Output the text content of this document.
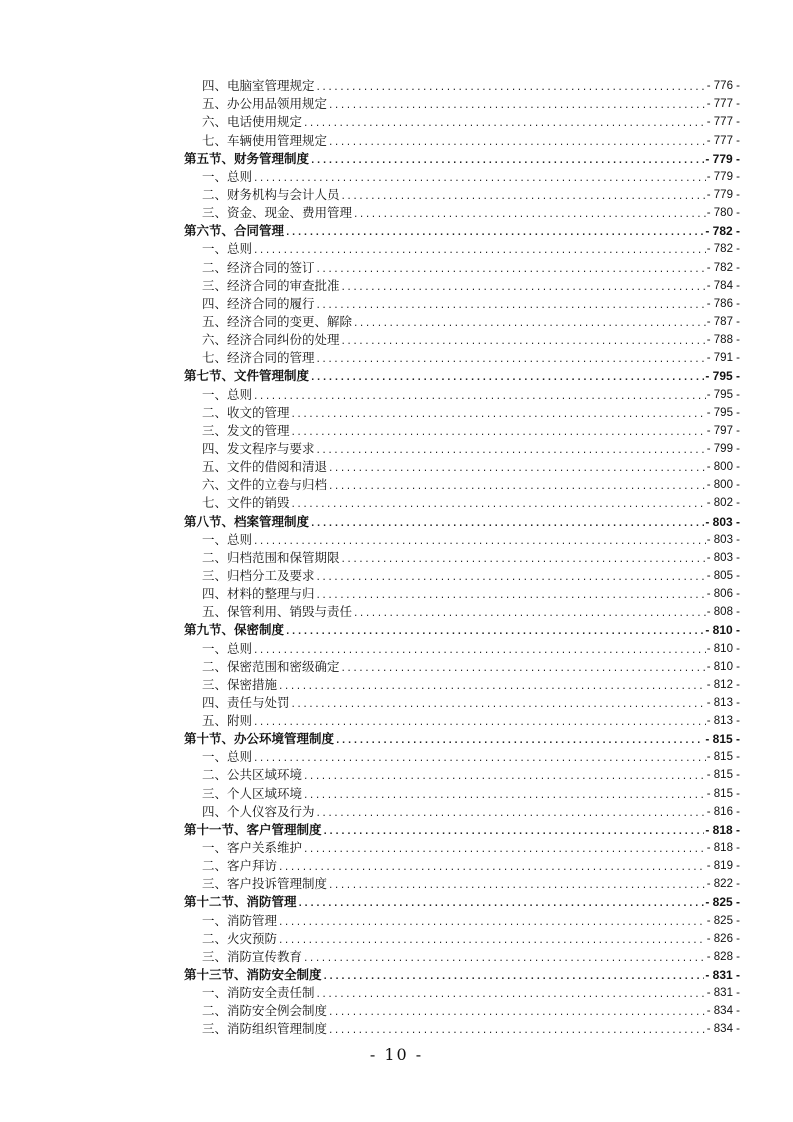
四、电脑室管理规定 .....	- 776 -
五、办公用品领用规定 .....	- 777 -
六、电话使用规定 .....	- 777 -
七、车辆使用管理规定 .....	- 777 -
第五节、财务管理制度 .....	- 779 -
一、总则 .....	- 779 -
二、财务机构与会计人员 .....	- 779 -
三、资金、现金、费用管理 .....	- 780 -
第六节、合同管理 .....	- 782 -
一、总则 .....	- 782 -
二、经济合同的签订 .....	- 782 -
三、经济合同的审查批准 .....	- 784 -
四、经济合同的履行 .....	- 786 -
五、经济合同的变更、解除 .....	- 787 -
六、经济合同纠份的处理 .....	- 788 -
七、经济合同的管理 .....	- 791 -
第七节、文件管理制度 .....	- 795 -
一、总则 .....	- 795 -
二、收文的管理 .....	- 795 -
三、发文的管理 .....	- 797 -
四、发文程序与要求 .....	- 799 -
五、文件的借阅和清退 .....	- 800 -
六、文件的立卷与归档 .....	- 800 -
七、文件的销毁 .....	- 802 -
第八节、档案管理制度 .....	- 803 -
一、总则 .....	- 803 -
二、归档范围和保管期限 .....	- 803 -
三、归档分工及要求 .....	- 805 -
四、材料的整理与归 .....	- 806 -
五、保管利用、销毁与责任 .....	- 808 -
第九节、保密制度 .....	- 810 -
一、总则 .....	- 810 -
二、保密范围和密级确定 .....	- 810 -
三、保密措施 .....	- 812 -
四、责任与处罚 .....	- 813 -
五、附则 .....	- 813 -
第十节、办公环境管理制度 .....	- 815 -
一、总则 .....	- 815 -
二、公共区域环境 .....	- 815 -
三、个人区域环境 .....	- 815 -
四、个人仪容及行为 .....	- 816 -
第十一节、客户管理制度 .....	- 818 -
一、客户关系维护 .....	- 818 -
二、客户拜访 .....	- 819 -
三、客户投诉管理制度 .....	- 822 -
第十二节、消防管理 .....	- 825 -
一、消防管理 .....	- 825 -
二、火灾预防 .....	- 826 -
三、消防宣传教育 .....	- 828 -
第十三节、消防安全制度 .....	- 831 -
一、消防安全责任制 .....	- 831 -
二、消防安全例会制度 .....	- 834 -
三、消防组织管理制度 .....	- 834 -
- 10 -
